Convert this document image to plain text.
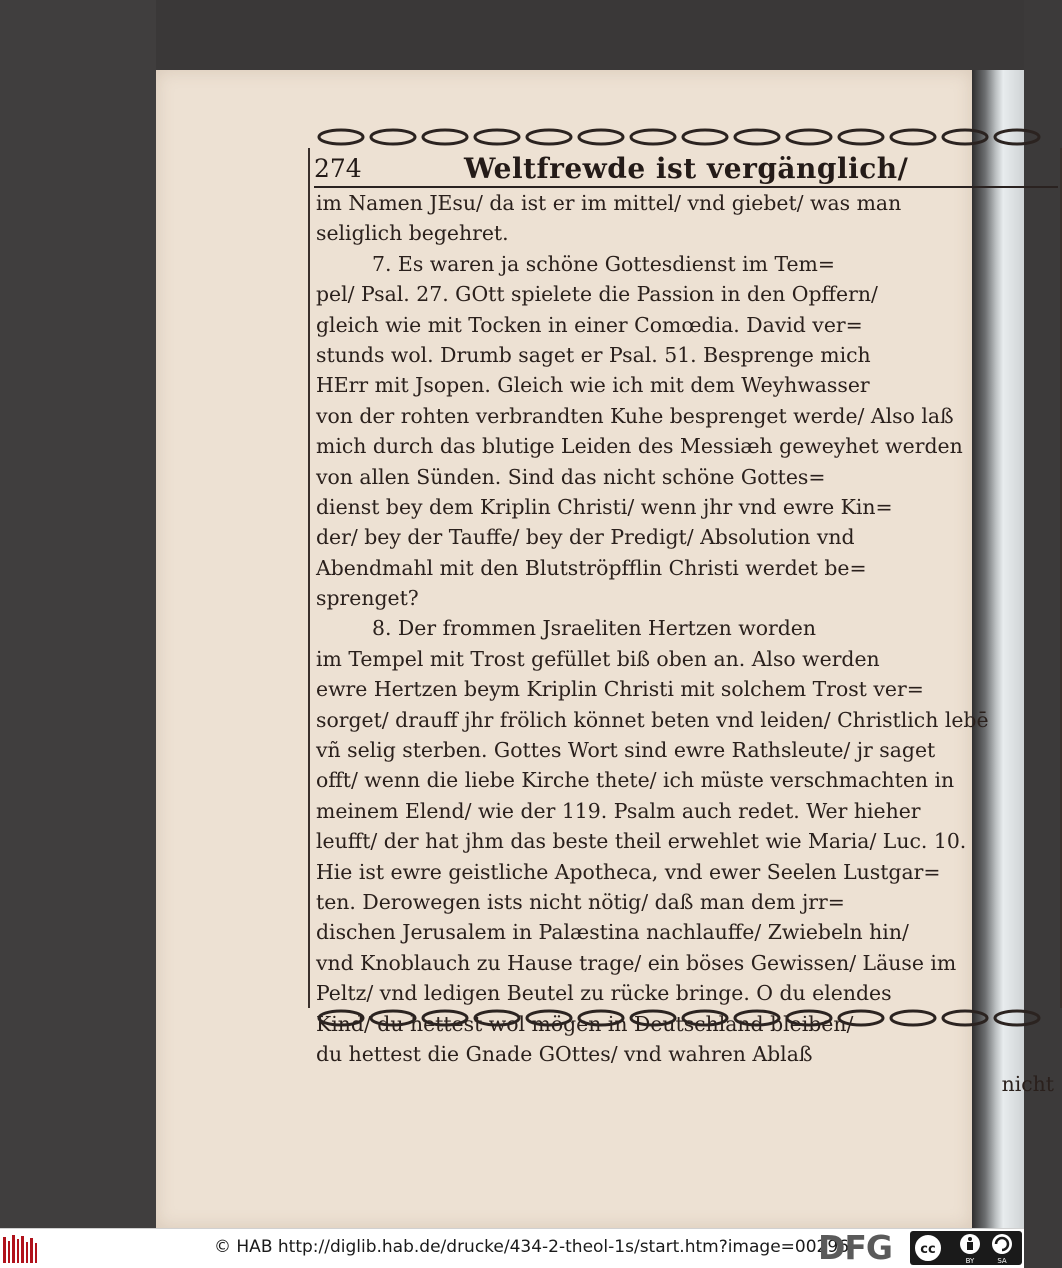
274	Weltfrewde ist vergänglich/
im Namen JEsu/ da ist er im mittel/ vnd giebet/ was man
seliglich begehret.
7. Es waren ja schöne Gottesdienst im Tem=
pel/ Psal. 27. GOtt spielete die Passion in den Opffern/
gleich wie mit Tocken in einer Comœdia. David ver=
stunds wol. Drumb saget er Psal. 51. Besprenge mich
HErr mit Jsopen. Gleich wie ich mit dem Weyhwasser
von der rohten verbrandten Kuhe besprenget werde/ Also laß
mich durch das blutige Leiden des Messiæh geweyhet werden
von allen Sünden. Sind das nicht schöne Gottes=
dienst bey dem Kriplin Christi/ wenn jhr vnd ewre Kin=
der/ bey der Tauffe/ bey der Predigt/ Absolution vnd
Abendmahl mit den Blutströpfflin Christi werdet be=
sprenget?
8. Der frommen Jsraeliten Hertzen worden
im Tempel mit Trost gefüllet biß oben an. Also werden
ewre Hertzen beym Kriplin Christi mit solchem Trost ver=
sorget/ drauff jhr frölich könnet beten vnd leiden/ Christlich lebē
vñ selig sterben. Gottes Wort sind ewre Rathsleute/ jr saget
offt/ wenn die liebe Kirche thete/ ich müste verschmachten in
meinem Elend/ wie der 119. Psalm auch redet. Wer hieher
leufft/ der hat jhm das beste theil erwehlet wie Maria/ Luc. 10.
Hie ist ewre geistliche Apotheca, vnd ewer Seelen Lustgar=
ten. Derowegen ists nicht nötig/ daß man dem jrr=
dischen Jerusalem in Palæstina nachlauffe/ Zwiebeln hin/
vnd Knoblauch zu Hause trage/ ein böses Gewissen/ Läuse im
Peltz/ vnd ledigen Beutel zu rücke bringe. O du elendes
Kind/ du hettest wol mögen in Deutschland bleiben/
du hettest die Gnade GOttes/ vnd wahren Ablaß
nicht
© HAB http://diglib.hab.de/drucke/434-2-theol-1s/start.htm?image=00296
DFG	cc
BY	SA
